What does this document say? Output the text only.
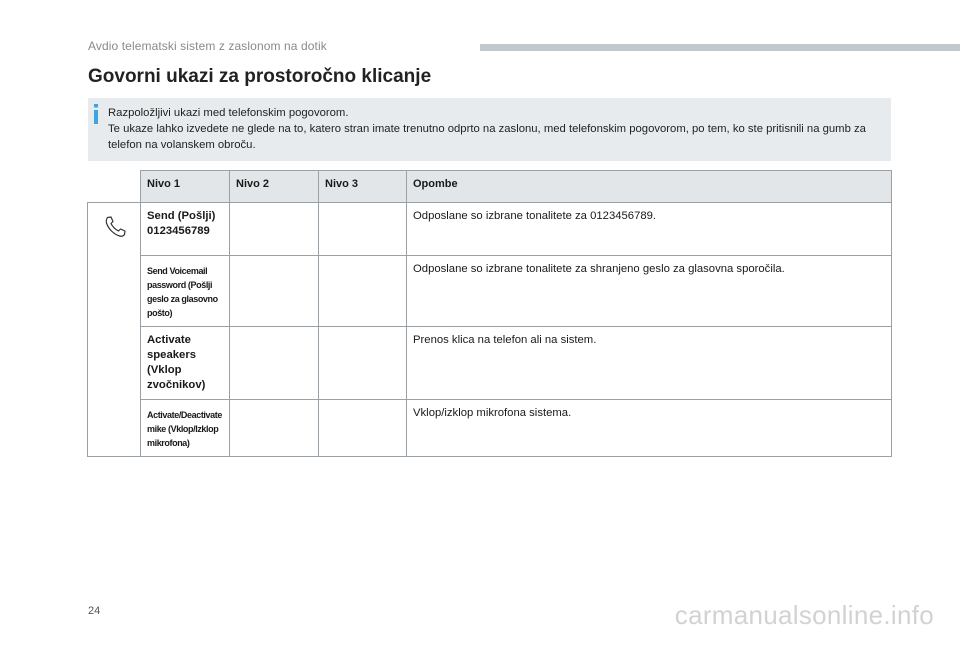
Avdio telematski sistem z zaslonom na dotik
Govorni ukazi za prostoročno klicanje

Razpoložljivi ukazi med telefonskim pogovorom.

Te ukaze lahko izvedete ne glede na to, katero stran imate trenutno odprto na zaslonu, med telefonskim pogovorom, po tem, ko ste pritisnili na gumb za telefon na volanskem obroču.

	Nivo 1	Nivo 2	Nivo 3	Opombe

	Send (Pošlji) 0123456789			Odposlane so izbrane tonalitete za 0123456789.
	Send Voicemail password (Pošlji geslo za glasovno pošto)			Odposlane so izbrane tonalitete za shranjeno geslo za glasovna sporočila.
	Activate speakers (Vklop zvočnikov)			Prenos klica na telefon ali na sistem.
	Activate/Deactivate mike (Vklop/Izklop mikrofona)			Vklop/izklop mikrofona sistema.
24	carmanualsonline.info
